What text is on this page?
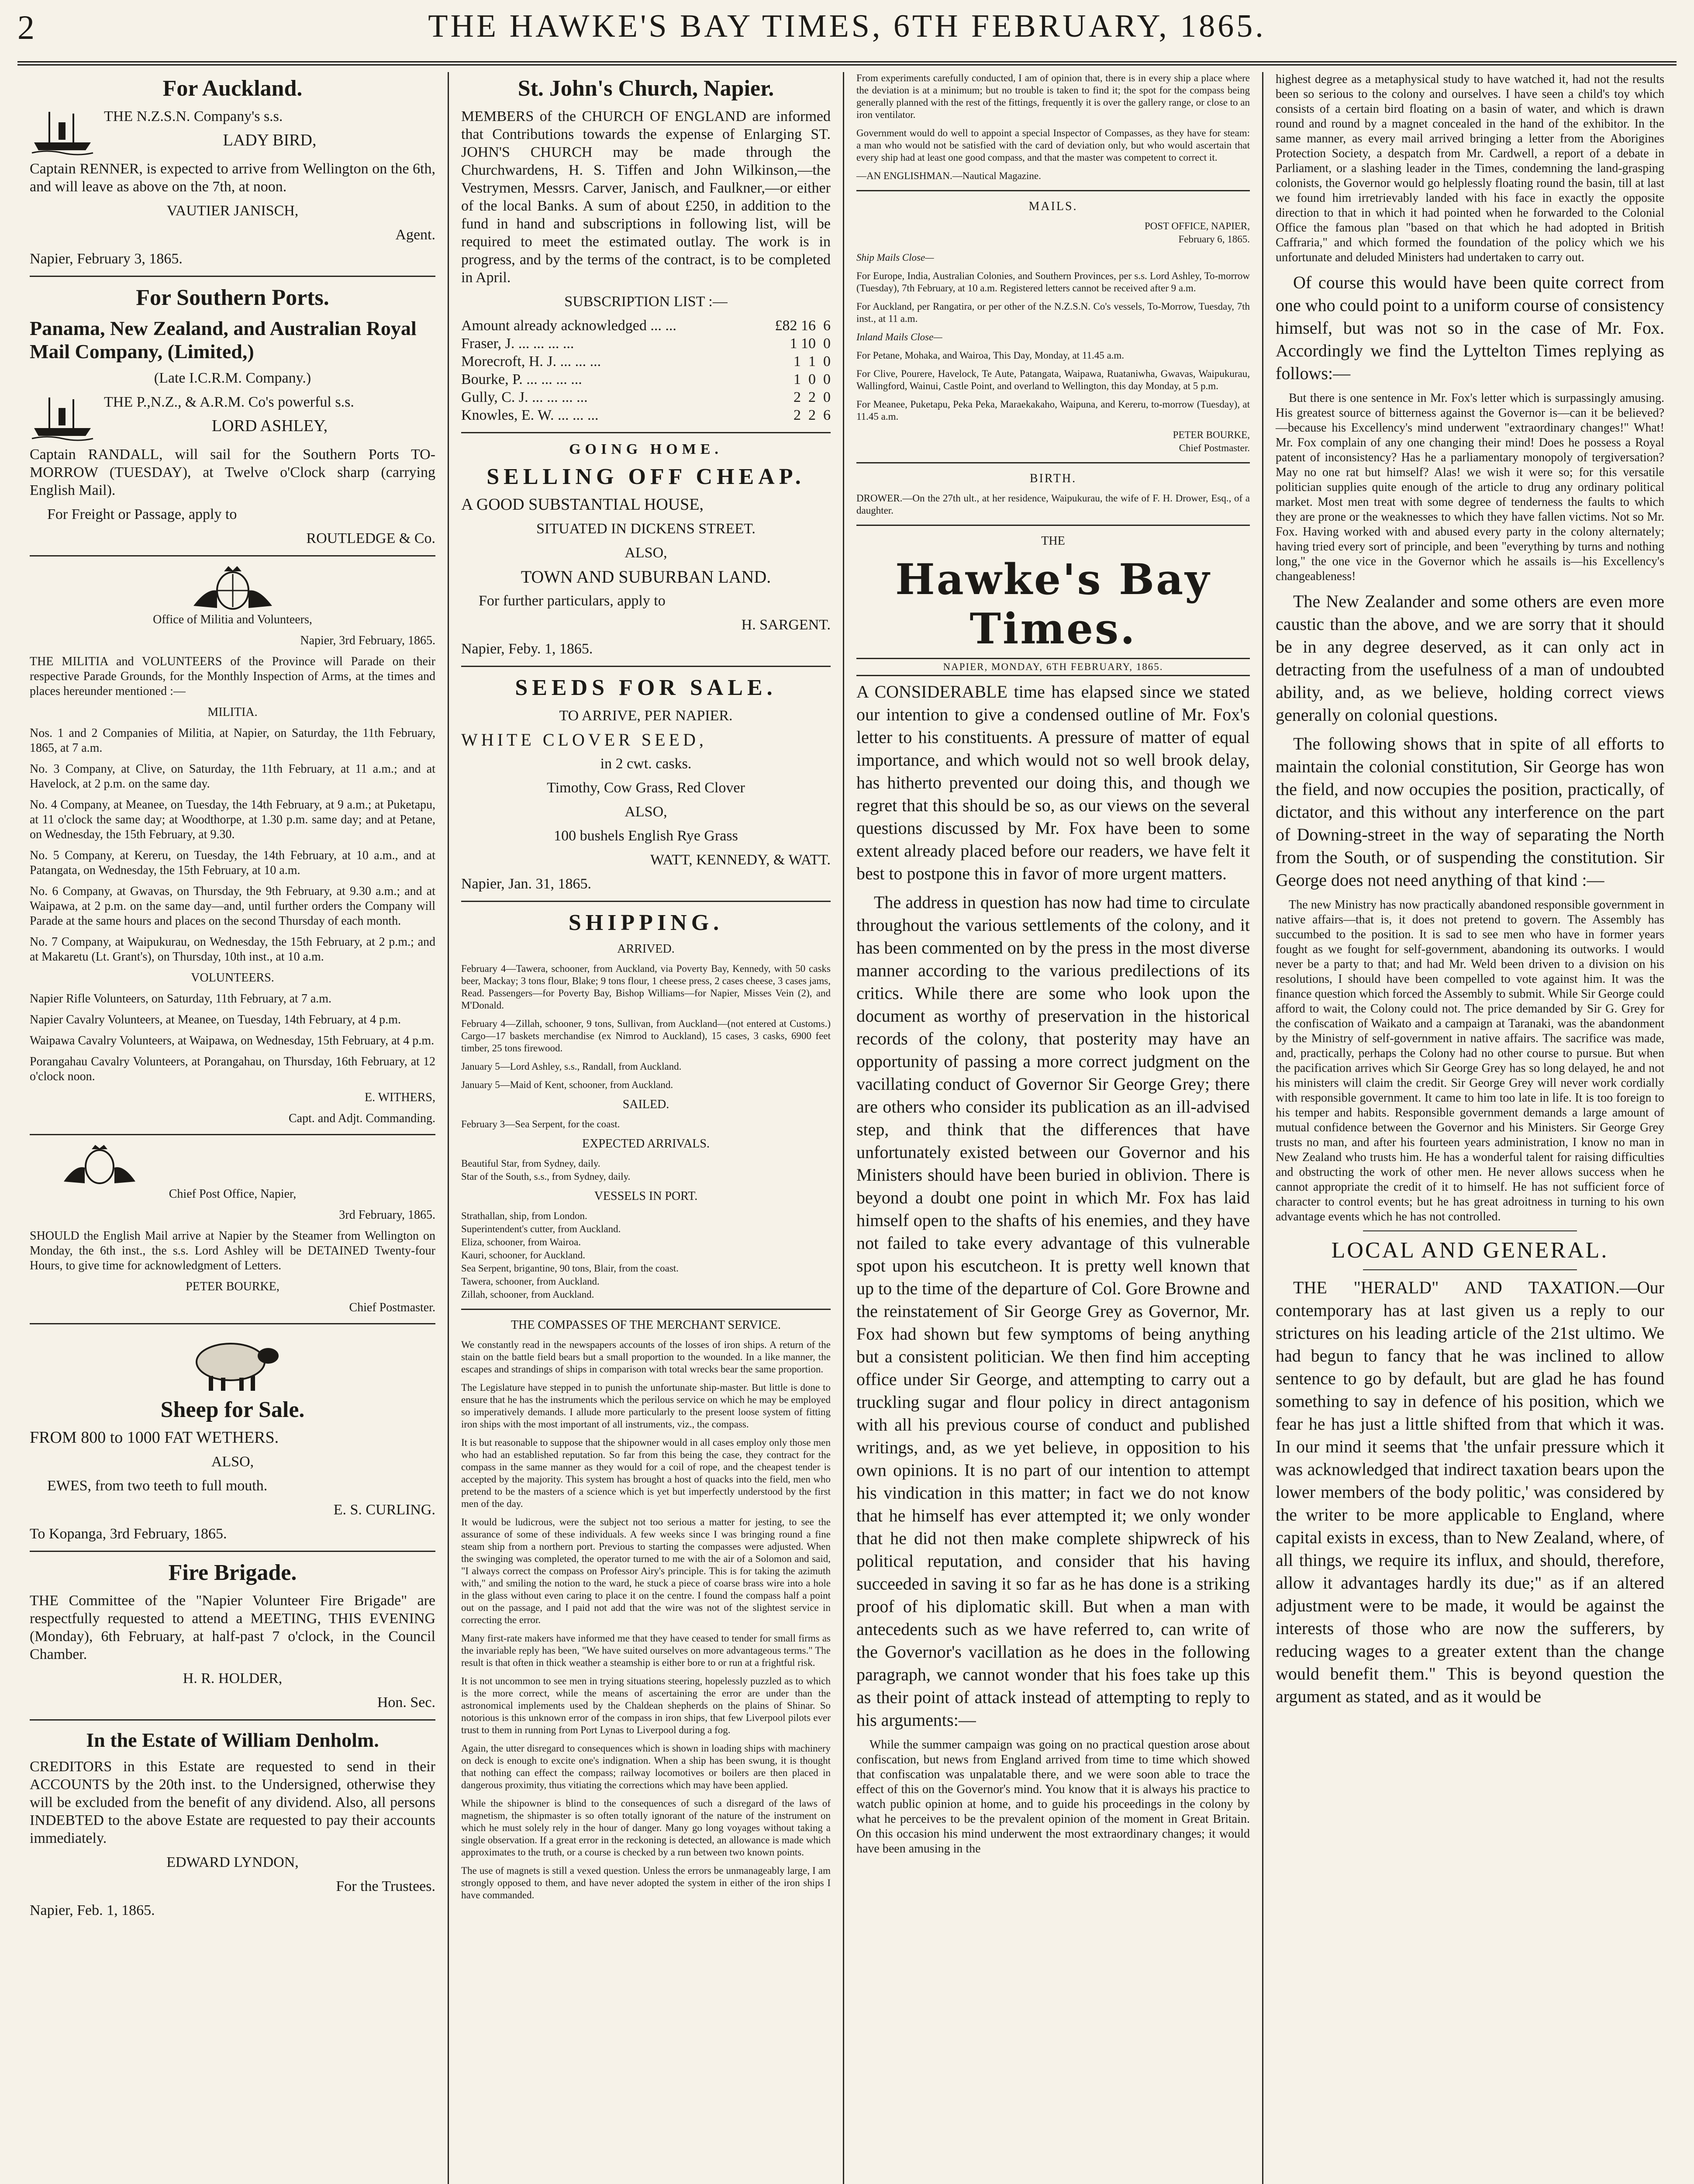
2	THE HAWKE'S BAY TIMES, 6TH FEBRUARY, 1865.
For Auckland.

THE N.Z.S.N. Company's s.s.

LADY BIRD,

Captain RENNER, is expected to arrive from Wellington on the 6th, and will leave as above on the 7th, at noon.

VAUTIER JANISCH,

Agent.

Napier, February 3, 1865.

For Southern Ports.
Panama, New Zealand, and Australian Royal Mail Company, (Limited,)

(Late I.C.R.M. Company.)

THE P.,N.Z., & A.R.M. Co's powerful s.s.

LORD ASHLEY,

Captain RANDALL, will sail for the Southern Ports TO-MORROW (TUESDAY), at Twelve o'Clock sharp (carrying English Mail).

For Freight or Passage, apply to

ROUTLEDGE & Co.

Office of Militia and Volunteers,

Napier, 3rd February, 1865.

THE MILITIA and VOLUNTEERS of the Province will Parade on their respective Parade Grounds, for the Monthly Inspection of Arms, at the times and places hereunder mentioned :—

MILITIA.

Nos. 1 and 2 Companies of Militia, at Napier, on Saturday, the 11th February, 1865, at 7 a.m.

No. 3 Company, at Clive, on Saturday, the 11th February, at 11 a.m.; and at Havelock, at 2 p.m. on the same day.

No. 4 Company, at Meanee, on Tuesday, the 14th February, at 9 a.m.; at Puketapu, at 11 o'clock the same day; at Woodthorpe, at 1.30 p.m. same day; and at Petane, on Wednesday, the 15th February, at 9.30.

No. 5 Company, at Kereru, on Tuesday, the 14th February, at 10 a.m., and at Patangata, on Wednesday, the 15th February, at 10 a.m.

No. 6 Company, at Gwavas, on Thursday, the 9th February, at 9.30 a.m.; and at Waipawa, at 2 p.m. on the same day—and, until further orders the Company will Parade at the same hours and places on the second Thursday of each month.

No. 7 Company, at Waipukurau, on Wednesday, the 15th February, at 2 p.m.; and at Makaretu (Lt. Grant's), on Thursday, 10th inst., at 10 a.m.

VOLUNTEERS.

Napier Rifle Volunteers, on Saturday, 11th February, at 7 a.m.

Napier Cavalry Volunteers, at Meanee, on Tuesday, 14th February, at 4 p.m.

Waipawa Cavalry Volunteers, at Waipawa, on Wednesday, 15th February, at 4 p.m.

Porangahau Cavalry Volunteers, at Porangahau, on Thursday, 16th February, at 12 o'clock noon.

E. WITHERS,

Capt. and Adjt. Commanding.

Chief Post Office, Napier,

3rd February, 1865.

SHOULD the English Mail arrive at Napier by the Steamer from Wellington on Monday, the 6th inst., the s.s. Lord Ashley will be DETAINED Twenty-four Hours, to give time for acknowledgment of Letters.

PETER BOURKE,

Chief Postmaster.

Sheep for Sale.

FROM 800 to 1000 FAT WETHERS.

ALSO,

EWES, from two teeth to full mouth.

E. S. CURLING.

To Kopanga, 3rd February, 1865.

Fire Brigade.

THE Committee of the "Napier Volunteer Fire Brigade" are respectfully requested to attend a MEETING, THIS EVENING (Monday), 6th February, at half-past 7 o'clock, in the Council Chamber.

H. R. HOLDER,

Hon. Sec.

In the Estate of William Denholm.

CREDITORS in this Estate are requested to send in their ACCOUNTS by the 20th inst. to the Undersigned, otherwise they will be excluded from the benefit of any dividend. Also, all persons INDEBTED to the above Estate are requested to pay their accounts immediately.

EDWARD LYNDON,

For the Trustees.

Napier, Feb. 1, 1865.

St. John's Church, Napier.

MEMBERS of the CHURCH OF ENGLAND are informed that Contributions towards the expense of Enlarging ST. JOHN'S CHURCH may be made through the Churchwardens, H. S. Tiffen and John Wilkinson,—the Vestrymen, Messrs. Carver, Janisch, and Faulkner,—or either of the local Banks. A sum of about £250, in addition to the fund in hand and subscriptions in following list, will be required to meet the estimated outlay. The work is in progress, and by the terms of the contract, is to be completed in April.

SUBSCRIPTION LIST :—

Amount already acknowledged ... ...	£82 16  6
Fraser, J. ... ... ... ...	1 10  0
Morecroft, H. J. ... ... ...	1  1  0
Bourke, P. ... ... ... ...	1  0  0
Gully, C. J. ... ... ... ...	2  2  0
Knowles, E. W. ... ... ...	2  2  6
GOING HOME.
SELLING OFF CHEAP.

A GOOD SUBSTANTIAL HOUSE,

SITUATED IN DICKENS STREET.

ALSO,

TOWN AND SUBURBAN LAND.

For further particulars, apply to

H. SARGENT.

Napier, Feby. 1, 1865.

SEEDS FOR SALE.

TO ARRIVE, PER NAPIER.

WHITE CLOVER SEED,

in 2 cwt. casks.

Timothy, Cow Grass, Red Clover

ALSO,

100 bushels English Rye Grass

WATT, KENNEDY, & WATT.

Napier, Jan. 31, 1865.

SHIPPING.

ARRIVED.

February 4—Tawera, schooner, from Auckland, via Poverty Bay, Kennedy, with 50 casks beer, Mackay; 3 tons flour, Blake; 9 tons flour, 1 cheese press, 2 cases cheese, 3 cases jams, Read. Passengers—for Poverty Bay, Bishop Williams—for Napier, Misses Vein (2), and M'Donald.

February 4—Zillah, schooner, 9 tons, Sullivan, from Auckland—(not entered at Customs.) Cargo—17 baskets merchandise (ex Nimrod to Auckland), 15 cases, 3 casks, 6900 feet timber, 25 tons firewood.

January 5—Lord Ashley, s.s., Randall, from Auckland.

January 5—Maid of Kent, schooner, from Auckland.

SAILED.

February 3—Sea Serpent, for the coast.

EXPECTED ARRIVALS.

Beautiful Star, from Sydney, daily.

Star of the South, s.s., from Sydney, daily.

VESSELS IN PORT.

Strathallan, ship, from London.

Superintendent's cutter, from Auckland.

Eliza, schooner, from Wairoa.

Kauri, schooner, for Auckland.

Sea Serpent, brigantine, 90 tons, Blair, from the coast.

Tawera, schooner, from Auckland.

Zillah, schooner, from Auckland.

THE COMPASSES OF THE MERCHANT SERVICE.

We constantly read in the newspapers accounts of the losses of iron ships. A return of the stain on the battle field bears but a small proportion to the wounded. In a like manner, the escapes and strandings of ships in comparison with total wrecks bear the same proportion.

The Legislature have stepped in to punish the unfortunate ship-master. But little is done to ensure that he has the instruments which the perilous service on which he may be employed so imperatively demands. I allude more particularly to the present loose system of fitting iron ships with the most important of all instruments, viz., the compass.

It is but reasonable to suppose that the shipowner would in all cases employ only those men who had an established reputation. So far from this being the case, they contract for the compass in the same manner as they would for a coil of rope, and the cheapest tender is accepted by the majority. This system has brought a host of quacks into the field, men who pretend to be the masters of a science which is yet but imperfectly understood by the first men of the day.

It would be ludicrous, were the subject not too serious a matter for jesting, to see the assurance of some of these individuals. A few weeks since I was bringing round a fine steam ship from a northern port. Previous to starting the compasses were adjusted. When the swinging was completed, the operator turned to me with the air of a Solomon and said, "I always correct the compass on Professor Airy's principle. This is for taking the azimuth with," and smiling the notion to the ward, he stuck a piece of coarse brass wire into a hole in the glass without even caring to place it on the centre. I found the compass half a point out on the passage, and I paid not add that the wire was not of the slightest service in correcting the error.

Many first-rate makers have informed me that they have ceased to tender for small firms as the invariable reply has been, "We have suited ourselves on more advantageous terms." The result is that often in thick weather a steamship is either bore to or run at a frightful risk.

It is not uncommon to see men in trying situations steering, hopelessly puzzled as to which is the more correct, while the means of ascertaining the error are under than the astronomical implements used by the Chaldean shepherds on the plains of Shinar. So notorious is this unknown error of the compass in iron ships, that few Liverpool pilots ever trust to them in running from Port Lynas to Liverpool during a fog.

Again, the utter disregard to consequences which is shown in loading ships with machinery on deck is enough to excite one's indignation. When a ship has been swung, it is thought that nothing can effect the compass; railway locomotives or boilers are then placed in dangerous proximity, thus vitiating the corrections which may have been applied.

While the shipowner is blind to the consequences of such a disregard of the laws of magnetism, the shipmaster is so often totally ignorant of the nature of the instrument on which he must solely rely in the hour of danger. Many go long voyages without taking a single observation. If a great error in the reckoning is detected, an allowance is made which approximates to the truth, or a course is checked by a run between two known points.

The use of magnets is still a vexed question. Unless the errors be unmanageably large, I am strongly opposed to them, and have never adopted the system in either of the iron ships I have commanded.

From experiments carefully conducted, I am of opinion that, there is in every ship a place where the deviation is at a minimum; but no trouble is taken to find it; the spot for the compass being generally planned with the rest of the fittings, frequently it is over the gallery range, or close to an iron ventilator.

Government would do well to appoint a special Inspector of Compasses, as they have for steam: a man who would not be satisfied with the card of deviation only, but who would ascertain that every ship had at least one good compass, and that the master was competent to correct it.

—AN ENGLISHMAN.—Nautical Magazine.

MAILS.

POST OFFICE, NAPIER,

February 6, 1865.

Ship Mails Close—

For Europe, India, Australian Colonies, and Southern Provinces, per s.s. Lord Ashley, To-morrow (Tuesday), 7th February, at 10 a.m. Registered letters cannot be received after 9 a.m.

For Auckland, per Rangatira, or per other of the N.Z.S.N. Co's vessels, To-Morrow, Tuesday, 7th inst., at 11 a.m.

Inland Mails Close—

For Petane, Mohaka, and Wairoa, This Day, Monday, at 11.45 a.m.

For Clive, Pourere, Havelock, Te Aute, Patangata, Waipawa, Ruataniwha, Gwavas, Waipukurau, Wallingford, Wainui, Castle Point, and overland to Wellington, this day Monday, at 5 p.m.

For Meanee, Puketapu, Peka Peka, Maraekakaho, Waipuna, and Kereru, to-morrow (Tuesday), at 11.45 a.m.

PETER BOURKE,

Chief Postmaster.

BIRTH.

DROWER.—On the 27th ult., at her residence, Waipukurau, the wife of F. H. Drower, Esq., of a daughter.

THE

Hawke's Bay Times.

NAPIER, MONDAY, 6TH FEBRUARY, 1865.

A CONSIDERABLE time has elapsed since we stated our intention to give a condensed outline of Mr. Fox's letter to his constituents. A pressure of matter of equal importance, and which would not so well brook delay, has hitherto prevented our doing this, and though we regret that this should be so, as our views on the several questions discussed by Mr. Fox have been to some extent already placed before our readers, we have felt it best to postpone this in favor of more urgent matters.

The address in question has now had time to circulate throughout the various settlements of the colony, and it has been commented on by the press in the most diverse manner according to the various predilections of its critics. While there are some who look upon the document as worthy of preservation in the historical records of the colony, that posterity may have an opportunity of passing a more correct judgment on the vacillating conduct of Governor Sir George Grey; there are others who consider its publication as an ill-advised step, and think that the differences that have unfortunately existed between our Governor and his Ministers should have been buried in oblivion. There is beyond a doubt one point in which Mr. Fox has laid himself open to the shafts of his enemies, and they have not failed to take every advantage of this vulnerable spot upon his escutcheon. It is pretty well known that up to the time of the departure of Col. Gore Browne and the reinstatement of Sir George Grey as Governor, Mr. Fox had shown but few symptoms of being anything but a consistent politician. We then find him accepting office under Sir George, and attempting to carry out a truckling sugar and flour policy in direct antagonism with all his previous course of conduct and published writings, and, as we yet believe, in opposition to his own opinions. It is no part of our intention to attempt his vindication in this matter; in fact we do not know that he himself has ever attempted it; we only wonder that he did not then make complete shipwreck of his political reputation, and consider that his having succeeded in saving it so far as he has done is a striking proof of his diplomatic skill. But when a man with antecedents such as we have referred to, can write of the Governor's vacillation as he does in the following paragraph, we cannot wonder that his foes take up this as their point of attack instead of attempting to reply to his arguments:—

While the summer campaign was going on no practical question arose about confiscation, but news from England arrived from time to time which showed that confiscation was unpalatable there, and we were soon able to trace the effect of this on the Governor's mind. You know that it is always his practice to watch public opinion at home, and to guide his proceedings in the colony by what he perceives to be the prevalent opinion of the moment in Great Britain. On this occasion his mind underwent the most extraordinary changes; it would have been amusing in the

highest degree as a metaphysical study to have watched it, had not the results been so serious to the colony and ourselves. I have seen a child's toy which consists of a certain bird floating on a basin of water, and which is drawn round and round by a magnet concealed in the hand of the exhibitor. In the same manner, as every mail arrived bringing a letter from the Aborigines Protection Society, a despatch from Mr. Cardwell, a report of a debate in Parliament, or a slashing leader in the Times, condemning the land-grasping colonists, the Governor would go helplessly floating round the basin, till at last we found him irretrievably landed with his face in exactly the opposite direction to that in which it had pointed when he forwarded to the Colonial Office the famous plan "based on that which he had adopted in British Caffraria," and which formed the foundation of the policy which we his unfortunate and deluded Ministers had undertaken to carry out.

Of course this would have been quite correct from one who could point to a uniform course of consistency himself, but was not so in the case of Mr. Fox. Accordingly we find the Lyttelton Times replying as follows:—

But there is one sentence in Mr. Fox's letter which is surpassingly amusing. His greatest source of bitterness against the Governor is—can it be believed?—because his Excellency's mind underwent "extraordinary changes!" What! Mr. Fox complain of any one changing their mind! Does he possess a Royal patent of inconsistency? Has he a parliamentary monopoly of tergiversation? May no one rat but himself? Alas! we wish it were so; for this versatile politician supplies quite enough of the article to drug any ordinary political market. Most men treat with some degree of tenderness the faults to which they are prone or the weaknesses to which they have fallen victims. Not so Mr. Fox. Having worked with and abused every party in the colony alternately; having tried every sort of principle, and been "everything by turns and nothing long," the one vice in the Governor which he assails is—his Excellency's changeableness!

The New Zealander and some others are even more caustic than the above, and we are sorry that it should be in any degree deserved, as it can only act in detracting from the usefulness of a man of undoubted ability, and, as we believe, holding correct views generally on colonial questions.

The following shows that in spite of all efforts to maintain the colonial constitution, Sir George has won the field, and now occupies the position, practically, of dictator, and this without any interference on the part of Downing-street in the way of separating the North from the South, or of suspending the constitution. Sir George does not need anything of that kind :—

The new Ministry has now practically abandoned responsible government in native affairs—that is, it does not pretend to govern. The Assembly has succumbed to the position. It is sad to see men who have in former years fought as we fought for self-government, abandoning its outworks. I would never be a party to that; and had Mr. Weld been driven to a division on his resolutions, I should have been compelled to vote against him. It was the finance question which forced the Assembly to submit. While Sir George could afford to wait, the Colony could not. The price demanded by Sir G. Grey for the confiscation of Waikato and a campaign at Taranaki, was the abandonment by the Ministry of self-government in native affairs. The sacrifice was made, and, practically, perhaps the Colony had no other course to pursue. But when the pacification arrives which Sir George Grey has so long delayed, he and not his ministers will claim the credit. Sir George Grey will never work cordially with responsible government. It came to him too late in life. It is too foreign to his temper and habits. Responsible government demands a large amount of mutual confidence between the Governor and his Ministers. Sir George Grey trusts no man, and after his fourteen years administration, I know no man in New Zealand who trusts him. He has a wonderful talent for raising difficulties and obstructing the work of other men. He never allows success when he cannot appropriate the credit of it to himself. He has not sufficient force of character to control events; but he has great adroitness in turning to his own advantage events which he has not controlled.

LOCAL AND GENERAL.

THE "HERALD" AND TAXATION.—Our contemporary has at last given us a reply to our strictures on his leading article of the 21st ultimo. We had begun to fancy that he was inclined to allow sentence to go by default, but are glad he has found something to say in defence of his position, which we fear he has just a little shifted from that which it was. In our mind it seems that 'the unfair pressure which it was acknowledged that indirect taxation bears upon the lower members of the body politic,' was considered by the writer to be more applicable to England, where capital exists in excess, than to New Zealand, where, of all things, we require its influx, and should, therefore, allow it advantages hardly its due;" as if an altered adjustment were to be made, it would be against the interests of those who are now the sufferers, by reducing wages to a greater extent than the change would benefit them." This is beyond question the argument as stated, and as it would be
